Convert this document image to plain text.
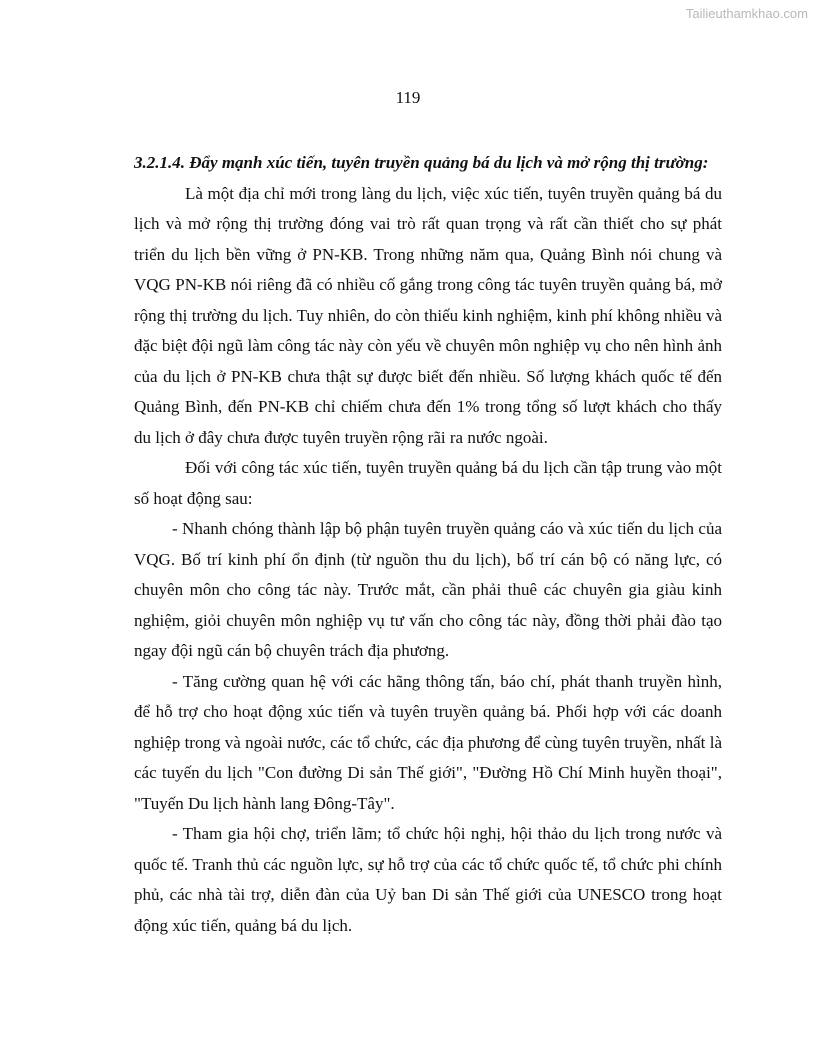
Tailieuthamkhao.com
119

3.2.1.4. Đẩy mạnh xúc tiến, tuyên truyền quảng bá du lịch và mở rộng thị trường:

Là một địa chỉ mới trong làng du lịch, việc xúc tiến, tuyên truyền quảng bá du lịch và mở rộng thị trường đóng vai trò rất quan trọng và rất cần thiết cho sự phát triển du lịch bền vững ở PN-KB. Trong những năm qua, Quảng Bình nói chung và VQG PN-KB nói riêng đã có nhiều cố gắng trong công tác tuyên truyền quảng bá, mở rộng thị trường du lịch. Tuy nhiên, do còn thiếu kinh nghiệm, kinh phí không nhiều và đặc biệt đội ngũ làm công tác này còn yếu về chuyên môn nghiệp vụ cho nên hình ảnh của du lịch ở PN-KB chưa thật sự được biết đến nhiều. Số lượng khách quốc tế đến Quảng Bình, đến PN-KB chỉ chiếm chưa đến 1% trong tổng số lượt khách cho thấy du lịch ở đây chưa được tuyên truyền rộng rãi ra nước ngoài.

Đối với công tác xúc tiến, tuyên truyền quảng bá du lịch cần tập trung vào một số hoạt động sau:

- Nhanh chóng thành lập bộ phận tuyên truyền quảng cáo và xúc tiến du lịch của VQG. Bố trí kinh phí ổn định (từ nguồn thu du lịch), bố trí cán bộ có năng lực, có chuyên môn cho công tác này. Trước mắt, cần phải thuê các chuyên gia giàu kinh nghiệm, giỏi chuyên môn nghiệp vụ tư vấn cho công tác này, đồng thời phải đào tạo ngay đội ngũ cán bộ chuyên trách địa phương.

- Tăng cường quan hệ với các hãng thông tấn, báo chí, phát thanh truyền hình, để hỗ trợ cho hoạt động xúc tiến và tuyên truyền quảng bá. Phối hợp với các doanh nghiệp trong và ngoài nước, các tổ chức, các địa phương để cùng tuyên truyền, nhất là các tuyến du lịch "Con đường Di sản Thế giới", "Đường Hồ Chí Minh huyền thoại", "Tuyến Du lịch hành lang Đông-Tây".

- Tham gia hội chợ, triển lãm; tổ chức hội nghị, hội thảo du lịch trong nước và quốc tế. Tranh thủ các nguồn lực, sự hỗ trợ của các tổ chức quốc tế, tổ chức phi chính phủ, các nhà tài trợ, diễn đàn của Uỷ ban Di sản Thế giới của UNESCO trong hoạt động xúc tiến, quảng bá du lịch.
